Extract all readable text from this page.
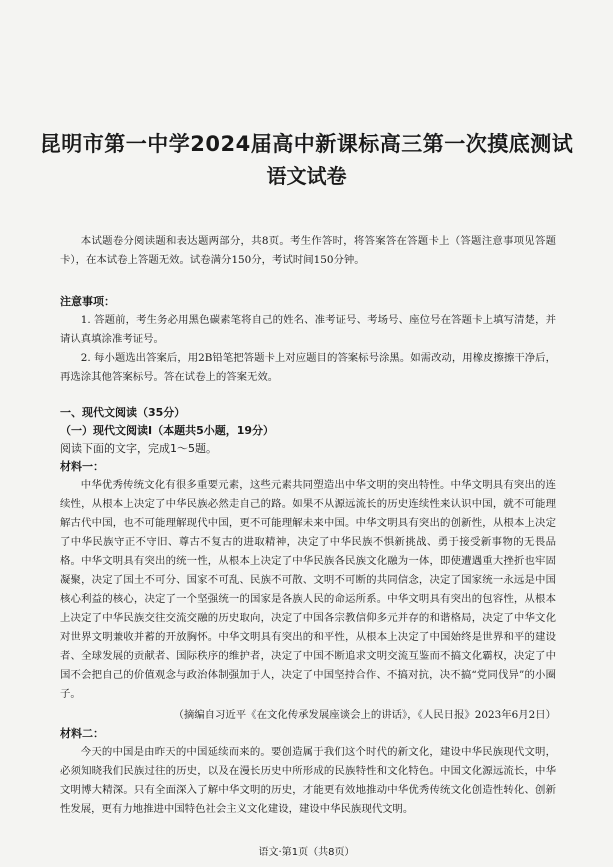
昆明市第一中学2024届高中新课标高三第一次摸底测试
语文试卷
本试题卷分阅读题和表达题两部分，共8页。考生作答时，将答案答在答题卡上（答题注意事项见答题卡），在本试卷上答题无效。试卷满分150分，考试时间150分钟。
注意事项：
1. 答题前，考生务必用黑色碳素笔将自己的姓名、准考证号、考场号、座位号在答题卡上填写清楚，并请认真填涂准考证号。
2. 每小题选出答案后，用2B铅笔把答题卡上对应题目的答案标号涂黑。如需改动，用橡皮擦擦干净后，再选涂其他答案标号。答在试卷上的答案无效。
一、现代文阅读（35分）
（一）现代文阅读Ⅰ（本题共5小题，19分）
阅读下面的文字，完成1～5题。
材料一：
中华优秀传统文化有很多重要元素，这些元素共同塑造出中华文明的突出特性。中华文明具有突出的连续性，从根本上决定了中华民族必然走自己的路。如果不从源远流长的历史连续性来认识中国，就不可能理解古代中国，也不可能理解现代中国，更不可能理解未来中国。中华文明具有突出的创新性，从根本上决定了中华民族守正不守旧、尊古不复古的进取精神，决定了中华民族不惧新挑战、勇于接受新事物的无畏品格。中华文明具有突出的统一性，从根本上决定了中华民族各民族文化融为一体，即使遭遇重大挫折也牢固凝聚，决定了国土不可分、国家不可乱、民族不可散、文明不可断的共同信念，决定了国家统一永远是中国核心利益的核心，决定了一个坚强统一的国家是各族人民的命运所系。中华文明具有突出的包容性，从根本上决定了中华民族交往交流交融的历史取向，决定了中国各宗教信仰多元并存的和谐格局，决定了中华文化对世界文明兼收并蓄的开放胸怀。中华文明具有突出的和平性，从根本上决定了中国始终是世界和平的建设者、全球发展的贡献者、国际秩序的维护者，决定了中国不断追求文明交流互鉴而不搞文化霸权，决定了中国不会把自己的价值观念与政治体制强加于人，决定了中国坚持合作、不搞对抗，决不搞“党同伐异”的小圈子。
（摘编自习近平《在文化传承发展座谈会上的讲话》，《人民日报》2023年6月2日）
材料二：
今天的中国是由昨天的中国延续而来的。要创造属于我们这个时代的新文化，建设中华民族现代文明，必须知晓我们民族过往的历史，以及在漫长历史中所形成的民族特性和文化特色。中国文化源远流长，中华文明博大精深。只有全面深入了解中华文明的历史，才能更有效地推动中华优秀传统文化创造性转化、创新性发展，更有力地推进中国特色社会主义文化建设，建设中华民族现代文明。
语文·第1页（共8页）
